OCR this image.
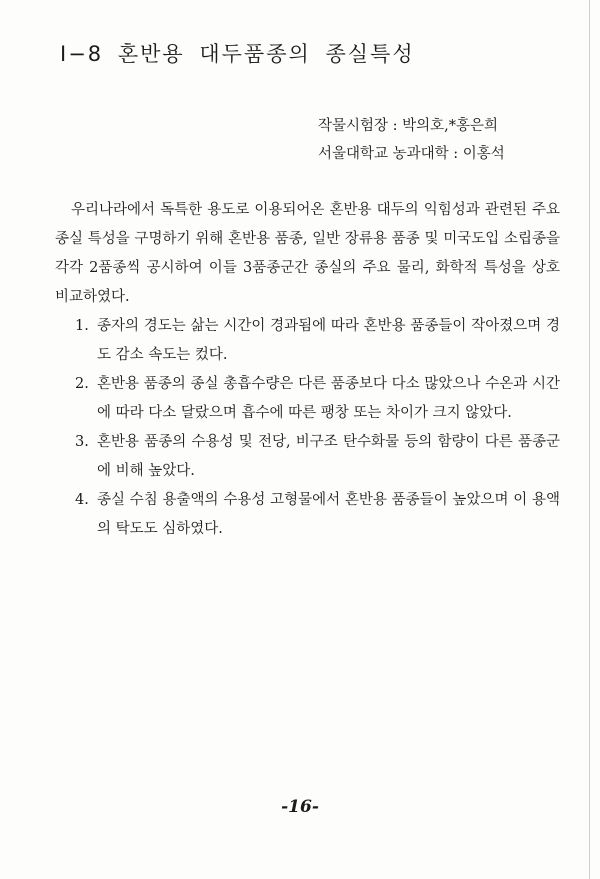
Ⅰ−8 혼반용 대두품종의 종실특성
작물시험장 : 박의호,*홍은희
서울대학교 농과대학 : 이홍석

우리나라에서 독특한 용도로 이용되어온 혼반용 대두의 익힘성과 관련된 주요종실 특성을 구명하기 위해 혼반용 품종, 일반 장류용 품종 및 미국도입 소립종을 각각 2품종씩 공시하여 이들 3품종군간 종실의 주요 물리, 화학적 특성을 상호 비교하였다.

1. 종자의 경도는 삶는 시간이 경과됨에 따라 혼반용 품종들이 작아졌으며 경도 감소 속도는 컸다.
2. 혼반용 품종의 종실 총흡수량은 다른 품종보다 다소 많았으나 수온과 시간에 따라 다소 달랐으며 흡수에 따른 팽창 또는 차이가 크지 않았다.
3. 혼반용 품종의 수용성 및 전당, 비구조 탄수화물 등의 함량이 다른 품종군에 비해 높았다.
4. 종실 수침 용출액의 수용성 고형물에서 혼반용 품종들이 높았으며 이 용액의 탁도도 심하였다.
-16-
